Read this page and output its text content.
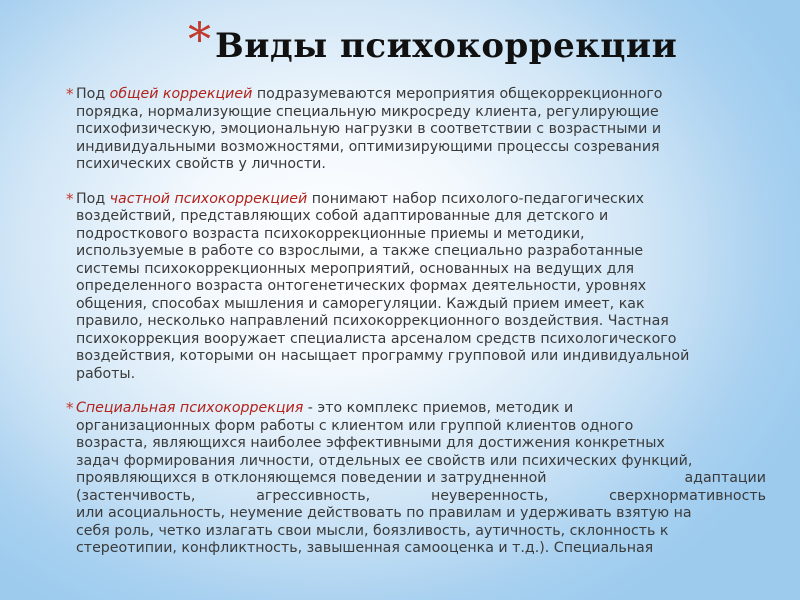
* Виды психокоррекции
* Под общей коррекцией подразумеваются мероприятия общекоррекционного
порядка, нормализующие специальную микросреду клиента, регулирующие
психофизическую, эмоциональную нагрузки в соответствии с возрастными и
индивидуальными возможностями, оптимизирующими процессы созревания
психических свойств у личности.
* Под частной психокоррекцией понимают набор психолого-педагогических
воздействий, представляющих собой адаптированные для детского и
подросткового возраста психокоррекционные приемы и методики,
используемые в работе со взрослыми, а также специально разработанные
системы психокоррекционных мероприятий, основанных на ведущих для
определенного возраста онтогенетических формах деятельности, уровнях
общения, способах мышления и саморегуляции. Каждый прием имеет, как
правило, несколько направлений психокоррекционного воздействия. Частная
психокоррекция вооружает специалиста арсеналом средств психологического
воздействия, которыми он насыщает программу групповой или индивидуальной
работы.
* Специальная психокоррекция - это комплекс приемов, методик и
организационных форм работы с клиентом или группой клиентов одного
возраста, являющихся наиболее эффективными для достижения конкретных
задач формирования личности, отдельных ее свойств или психических функций,
проявляющихся в отклоняющемся поведении и затрудненной	адаптации
(застенчивость,	агрессивность,	неуверенность,	сверхнормативность
или асоциальность, неумение действовать по правилам и удерживать взятую на
себя роль, четко излагать свои мысли, боязливость, аутичность, склонность к
стереотипии, конфликтность, завышенная самооценка и т.д.). Специальная
